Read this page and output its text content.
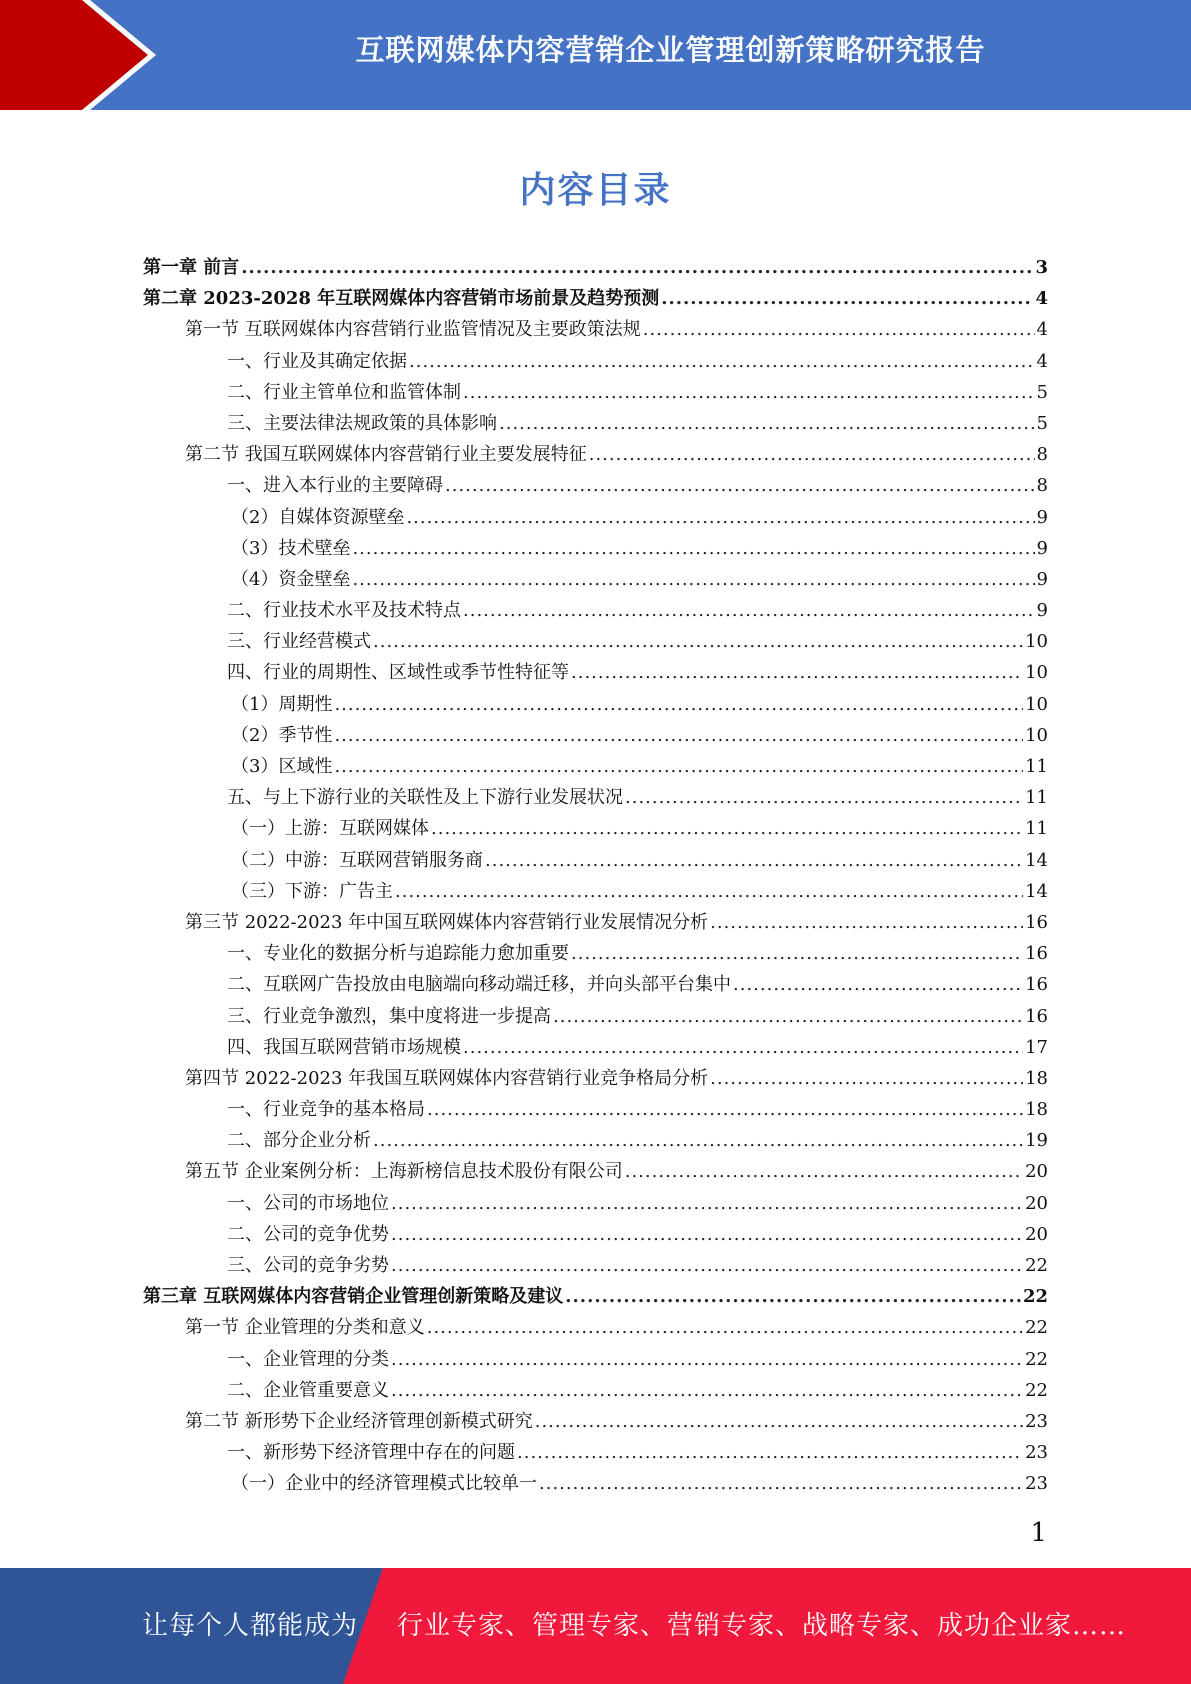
互联网媒体内容营销企业管理创新策略研究报告
内容目录
第一章 前言 .....	3
第二章 2023-2028 年互联网媒体内容营销市场前景及趋势预测 .....	4
第一节 互联网媒体内容营销行业监管情况及主要政策法规 .....	4
一、行业及其确定依据 .....	4
二、行业主管单位和监管体制 .....	5
三、主要法律法规政策的具体影响 .....	5
第二节 我国互联网媒体内容营销行业主要发展特征 .....	8
一、进入本行业的主要障碍 .....	8
（2）自媒体资源壁垒 .....	9
（3）技术壁垒 .....	9
（4）资金壁垒 .....	9
二、行业技术水平及技术特点 .....	9
三、行业经营模式 .....	10
四、行业的周期性、区域性或季节性特征等 .....	10
（1）周期性 .....	10
（2）季节性 .....	10
（3）区域性 .....	11
五、与上下游行业的关联性及上下游行业发展状况 .....	11
（一）上游：互联网媒体 .....	11
（二）中游：互联网营销服务商 .....	14
（三）下游：广告主 .....	14
第三节 2022-2023 年中国互联网媒体内容营销行业发展情况分析 .....	16
一、专业化的数据分析与追踪能力愈加重要 .....	16
二、互联网广告投放由电脑端向移动端迁移，并向头部平台集中 .....	16
三、行业竞争激烈，集中度将进一步提高 .....	16
四、我国互联网营销市场规模 .....	17
第四节 2022-2023 年我国互联网媒体内容营销行业竞争格局分析 .....	18
一、行业竞争的基本格局 .....	18
二、部分企业分析 .....	19
第五节 企业案例分析：上海新榜信息技术股份有限公司 .....	20
一、公司的市场地位 .....	20
二、公司的竞争优势 .....	20
三、公司的竞争劣势 .....	22
第三章 互联网媒体内容营销企业管理创新策略及建议 .....	22
第一节 企业管理的分类和意义 .....	22
一、企业管理的分类 .....	22
二、企业管重要意义 .....	22
第二节 新形势下企业经济管理创新模式研究 .....	23
一、新形势下经济管理中存在的问题 .....	23
（一）企业中的经济管理模式比较单一 .....	23
1
让每个人都能成为 行业专家、管理专家、营销专家、战略专家、成功企业家……
